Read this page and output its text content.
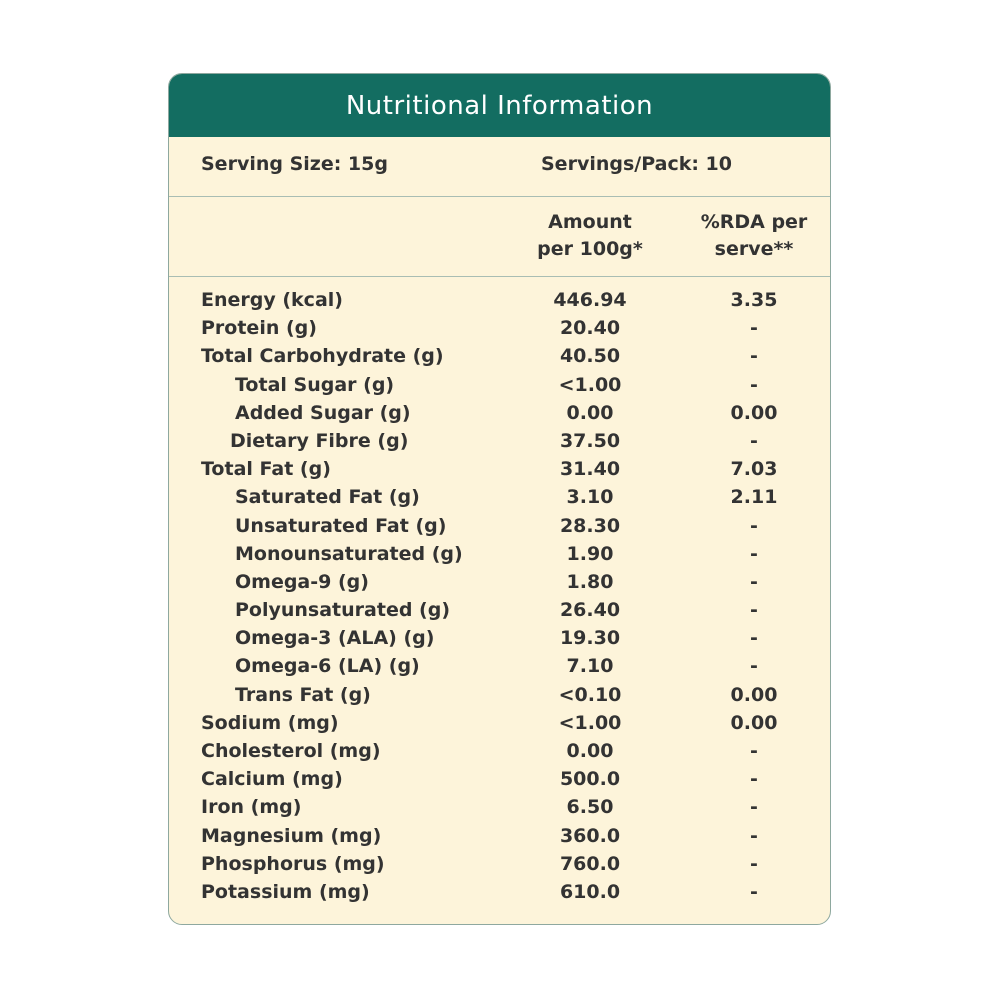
Nutritional Information
Serving Size: 15g	Servings/Pack: 10
Amount
per 100g*
%RDA per
serve**
Energy (kcal)	446.94	3.35
Protein (g)	20.40	-
Total Carbohydrate (g)	40.50	-
Total Sugar (g)	<1.00	-
Added Sugar (g)	0.00	0.00
Dietary Fibre (g)	37.50	-
Total Fat (g)	31.40	7.03
Saturated Fat (g)	3.10	2.11
Unsaturated Fat (g)	28.30	-
Monounsaturated (g)	1.90	-
Omega-9 (g)	1.80	-
Polyunsaturated (g)	26.40	-
Omega-3 (ALA) (g)	19.30	-
Omega-6 (LA) (g)	7.10	-
Trans Fat (g)	<0.10	0.00
Sodium (mg)	<1.00	0.00
Cholesterol (mg)	0.00	-
Calcium (mg)	500.0	-
Iron (mg)	6.50	-
Magnesium (mg)	360.0	-
Phosphorus (mg)	760.0	-
Potassium (mg)	610.0	-
